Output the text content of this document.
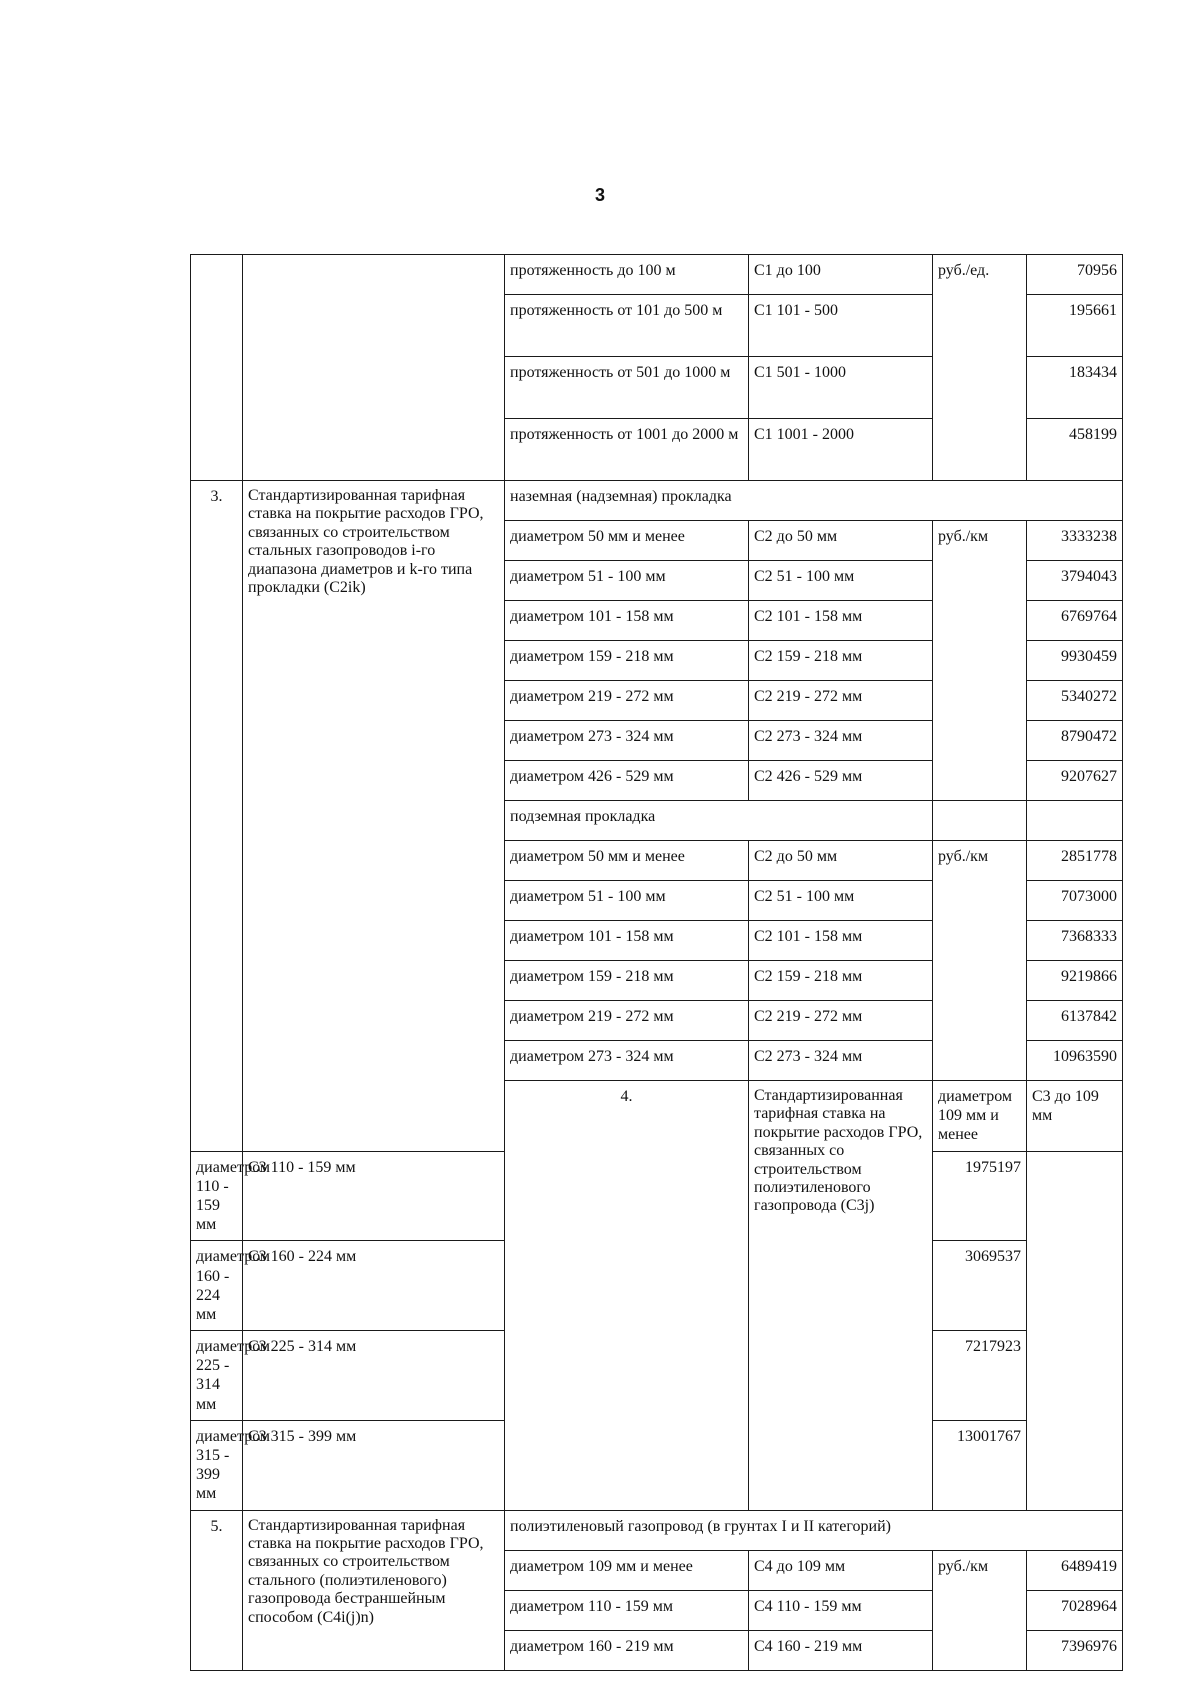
3
		протяженность до 100 м	С1 до 100	руб./ед.	70956	
		протяженность от 101 до 500 м	С1 101 - 500		195661	
		протяженность от 501 до 1000 м	С1 501 - 1000		183434	
		протяженность от 1001 до 2000 м	С1 1001 - 2000		458199	
3.	Стандартизированная тарифная ставка на покрытие расходов ГРО, связанных со строительством стальных газопроводов i-го диапазона диаметров и k-го типа прокладки (С2ik)	наземная (надземная) прокладка				
		диаметром 50 мм и менее	С2 до 50 мм	руб./км	3333238	
		диаметром 51 - 100 мм	С2 51 - 100 мм		3794043	
		диаметром 101 - 158 мм	С2 101 - 158 мм		6769764	
		диаметром 159 - 218 мм	С2 159 - 218 мм		9930459	
		диаметром 219 - 272 мм	С2 219 - 272 мм		5340272	
		диаметром 273 - 324 мм	С2 273 - 324 мм		8790472	
		диаметром 426 - 529 мм	С2 426 - 529 мм		9207627	
		подземная прокладка				
		диаметром 50 мм и менее	С2 до 50 мм	руб./км	2851778	
		диаметром 51 - 100 мм	С2 51 - 100 мм		7073000	
		диаметром 101 - 158 мм	С2 101 - 158 мм		7368333	
		диаметром 159 - 218 мм	С2 159 - 218 мм		9219866	
		диаметром 219 - 272 мм	С2 219 - 272 мм		6137842	
		диаметром 273 - 324 мм	С2 273 - 324 мм		10963590	
		4.	Стандартизированная тарифная ставка на покрытие расходов ГРО, связанных со строительством полиэтиленового газопровода (С3j)	диаметром 109 мм и менее	С3 до 109 мм		
диаметром 110 - 159 мм	С3 110 - 159 мм			1975197		
диаметром 160 - 224 мм	С3 160 - 224 мм			3069537		
диаметром 225 - 314 мм	С3 225 - 314 мм			7217923		
диаметром 315 - 399 мм	С3 315 - 399 мм			13001767		
5.	Стандартизированная тарифная ставка на покрытие расходов ГРО, связанных со строительством стального (полиэтиленового) газопровода бестраншейным способом (С4i(j)n)	полиэтиленовый газопровод (в грунтах I и II категорий)				
		диаметром 109 мм и менее	С4 до 109 мм	руб./км	6489419	
		диаметром 110 - 159 мм	С4 110 - 159 мм		7028964	
		диаметром 160 - 219 мм	С4 160 - 219 мм		7396976	
